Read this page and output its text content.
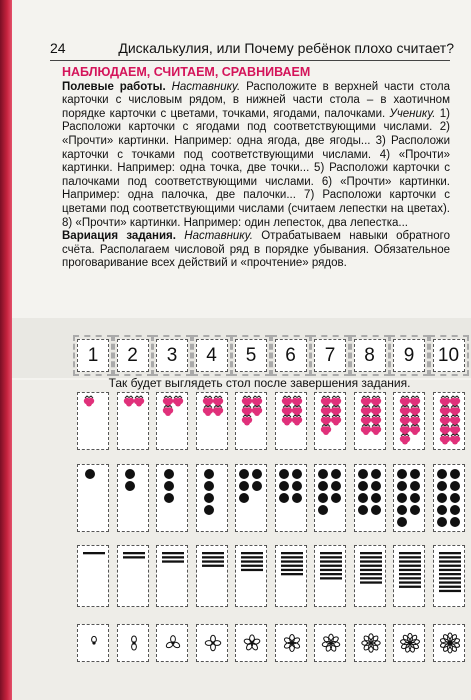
24	Дискалькулия, или Почему ребёнок плохо считает?

НАБЛЮДАЕМ, СЧИТАЕМ, СРАВНИВАЕМ

Полевые работы. Наставнику. Расположите в верхней части стола карточки с числовым рядом, в нижней части стола – в хаотичном порядке карточки с цветами, точками, ягодами, палочками. Ученику. 1) Расположи карточки с ягодами под соответствующими числами. 2) «Прочти» картинки. Например: одна ягода, две ягоды... 3) Расположи карточки с точками под соответствующими числами. 4) «Прочти» картинки. Например: одна точка, две точки... 5) Расположи карточки с палочками под соответствующими числами. 6) «Прочти» картинки. Например: одна палочка, две палочки... 7) Расположи карточки с цветами под соответствующими числами (считаем лепестки на цветах). 8) «Прочти» картинки. Например: один лепесток, два лепестка...

Вариация задания. Наставнику. Отрабатываем навыки обратного счёта. Располагаем числовой ряд в порядке убывания. Обязательное проговаривание всех действий и «прочтение» рядов.

Так будет выглядеть стол после завершения задания.
1	2	3	4	5	6	7	8	9	10
